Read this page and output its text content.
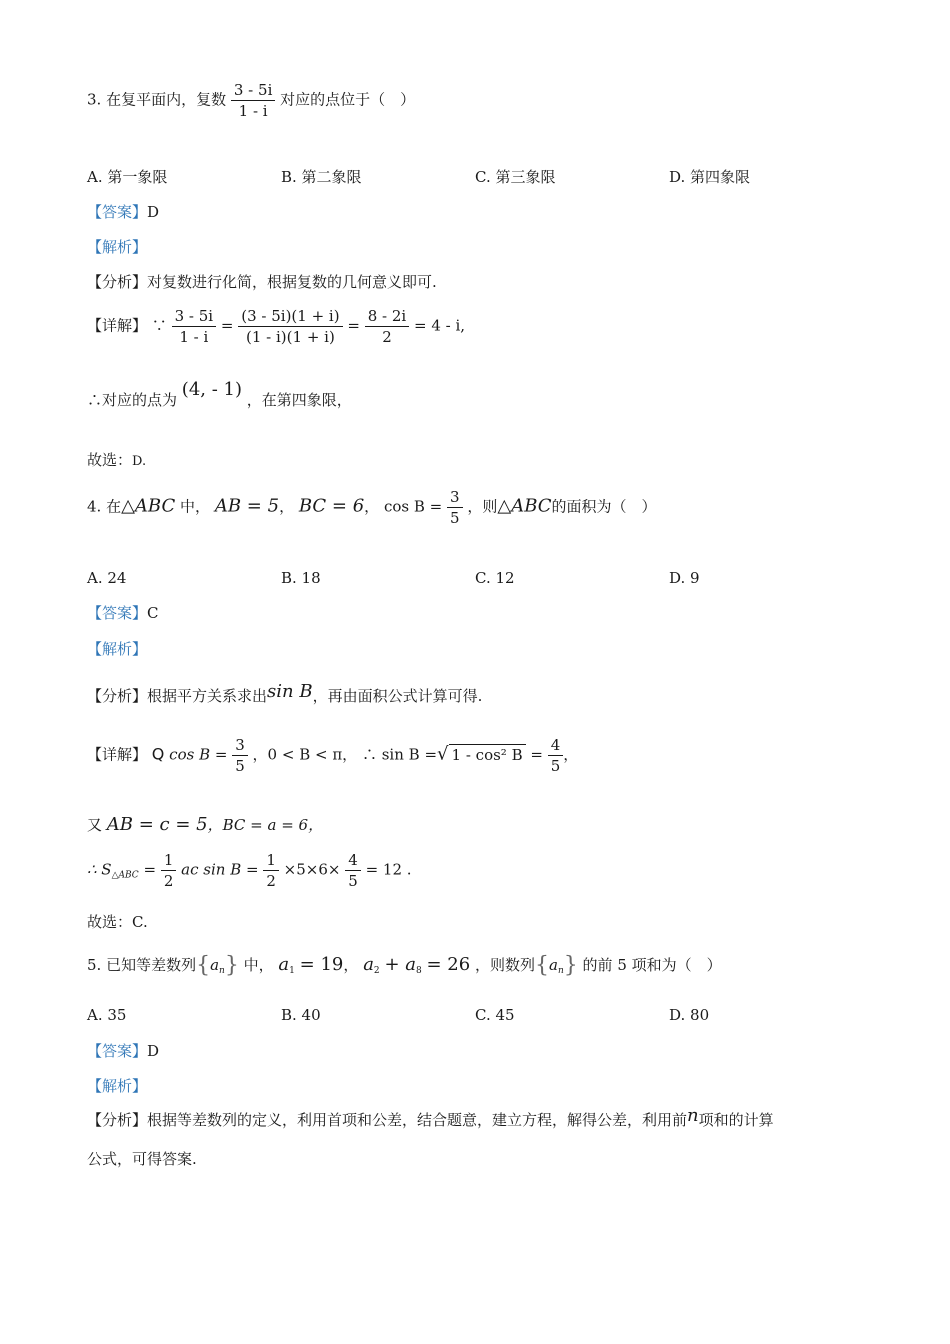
3. 在复平面内，复数 $\frac{3 - 5i}{1 - i}$ 对应的点位于（　）
A. 第一象限	B. 第二象限	C. 第三象限	D. 第四象限
【答案】D
【解析】
【分析】对复数进行化简，根据复数的几何意义即可.
【详解】 ∵ $\frac{3 - 5i}{1 - i} = \frac{(3 - 5i)(1 + i)}{(1 - i)(1 + i)} = \frac{8 - 2i}{2} = 4 - i$,
∴对应的点为 (4, - 1) ，在第四象限，
故选：D.
4. 在△ABC 中， AB = 5， BC = 6， $\cos B = \frac{3}{5}$ ，则△ABC的面积为（　）
A. 24	B. 18	C. 12	D. 9
【答案】C
【解析】
【分析】根据平方关系求出sin B，再由面积公式计算可得.
【详解】 Q $\cos B = \frac{3}{5}$ ，0 < B < π， ∴ sin B =√ 1 - cos² $B = \frac{4}{5}$ ，
又 AB = c = 5，BC = a = 6，
∴ $S_{\triangle ABC} = \frac{1}{2}$ ac $\sin B = \frac{1}{2} \times 5\times 6\times \frac{4}{5} = 12$ .
故选：C.
5. 已知等差数列$\{a_n\}$ 中， $a_1 = 19$， $a_2 + a_8 = 26$ ，则数列$\{a_n\}$ 的前 5 项和为（　）
A. 35	B. 40	C. 45	D. 80
【答案】D
【解析】
【分析】根据等差数列的定义，利用首项和公差，结合题意，建立方程，解得公差，利用前n项和的计算
公式，可得答案.
